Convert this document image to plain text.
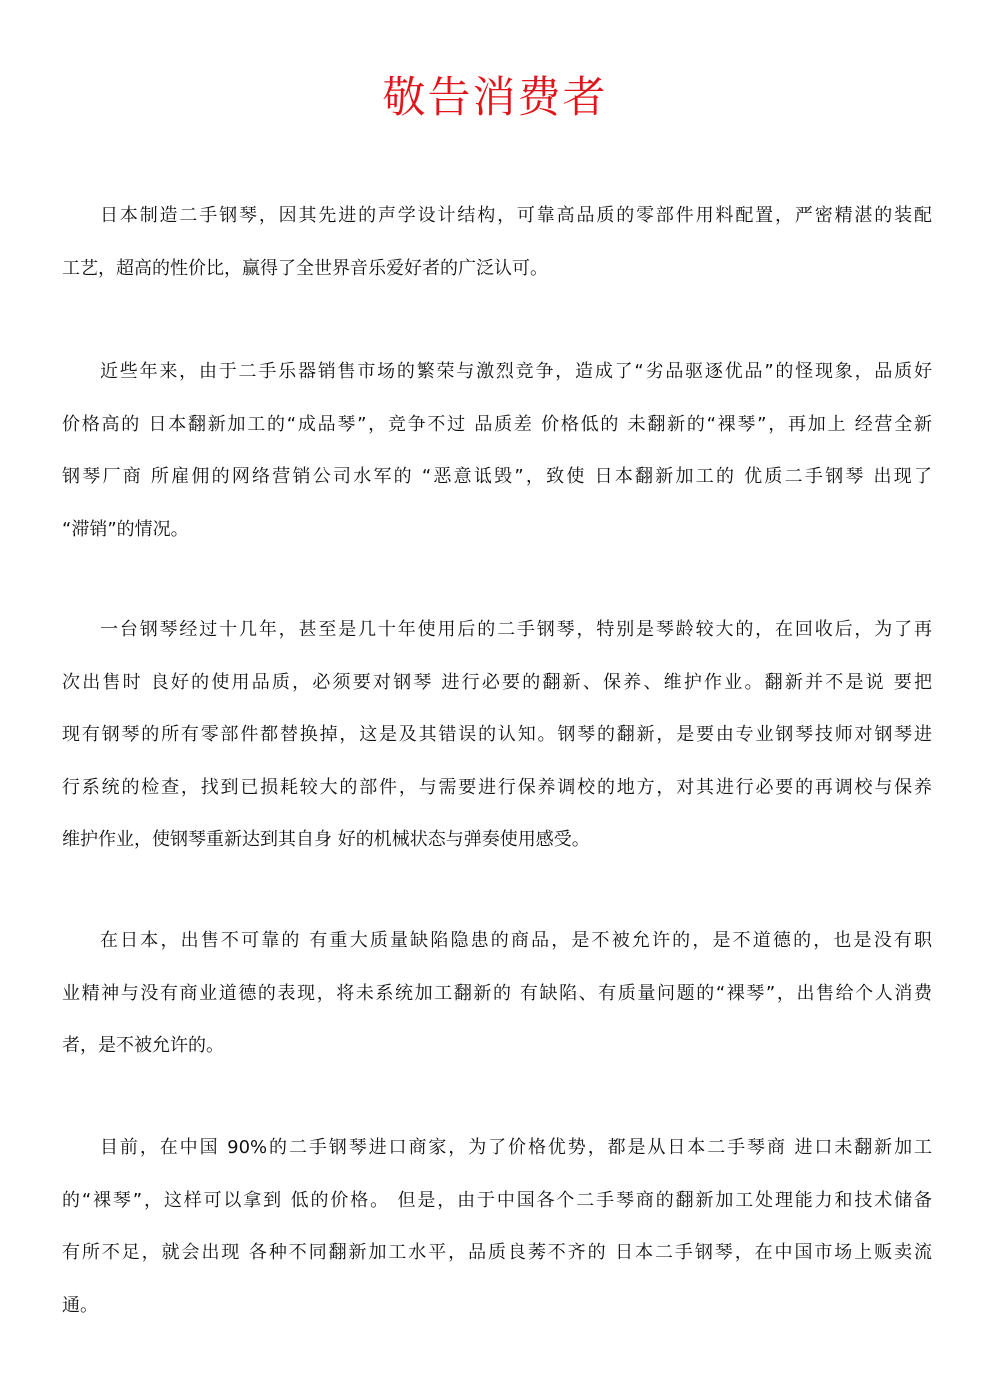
敬告消费者
日本制造二手钢琴，因其先进的声学设计结构，可靠高品质的零部件用料配置，严密精湛的装配
工艺，超高的性价比，赢得了全世界音乐爱好者的广泛认可。
近些年来，由于二手乐器销售市场的繁荣与激烈竞争，造成了“劣品驱逐优品”的怪现象，品质好
价格高的 日本翻新加工的“成品琴”，竞争不过 品质差 价格低的 未翻新的“裸琴”，再加上 经营全新
钢琴厂商 所雇佣的网络营销公司水军的 “恶意诋毁”，致使 日本翻新加工的 优质二手钢琴 出现了
“滞销”的情况。
一台钢琴经过十几年，甚至是几十年使用后的二手钢琴，特别是琴龄较大的，在回收后，为了再
次出售时 良好的使用品质，必须要对钢琴 进行必要的翻新、保养、维护作业。翻新并不是说 要把
现有钢琴的所有零部件都替换掉，这是及其错误的认知。钢琴的翻新，是要由专业钢琴技师对钢琴进
行系统的检查，找到已损耗较大的部件，与需要进行保养调校的地方，对其进行必要的再调校与保养
维护作业，使钢琴重新达到其自身 好的机械状态与弹奏使用感受。
在日本，出售不可靠的 有重大质量缺陷隐患的商品，是不被允许的，是不道德的，也是没有职
业精神与没有商业道德的表现，将未系统加工翻新的 有缺陷、有质量问题的“裸琴”，出售给个人消费
者，是不被允许的。
目前，在中国 90%的二手钢琴进口商家，为了价格优势，都是从日本二手琴商 进口未翻新加工
的“裸琴”，这样可以拿到 低的价格。 但是，由于中国各个二手琴商的翻新加工处理能力和技术储备
有所不足，就会出现 各种不同翻新加工水平，品质良莠不齐的 日本二手钢琴，在中国市场上贩卖流
通。
